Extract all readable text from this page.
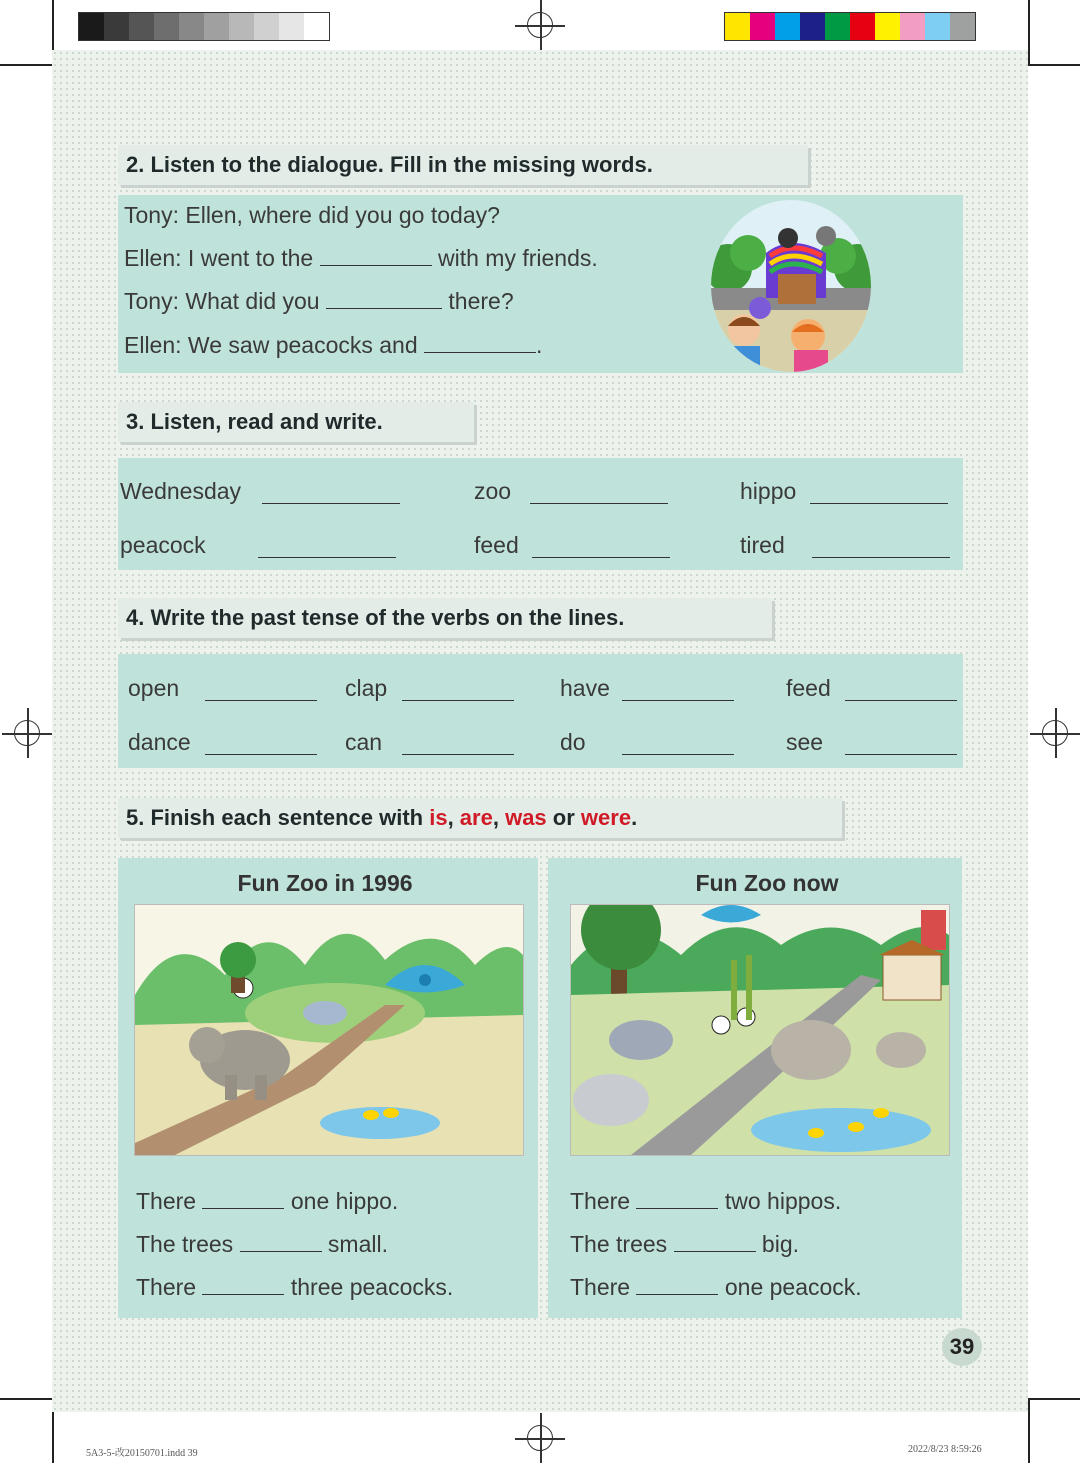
2. Listen to the dialogue. Fill in the missing words.
Tony: Ellen, where did you go today?
Ellen: I went to the	with my friends.
Tony: What did you	there?
Ellen: We saw peacocks and	.
3. Listen, read and write.
Wednesday	zoo	hippo
peacock	feed	tired
4. Write the past tense of the verbs on the lines.
open	clap	have	feed
dance	can	do	see
5. Finish each sentence with is, are, was or were.
Fun Zoo in 1996	Fun Zoo now
There	one hippo.
The trees	small.
There	three peacocks.
There	two hippos.
The trees	big.
There	one peacock.
39
5A3-5-改20150701.indd 39	2022/8/23 8:59:26
